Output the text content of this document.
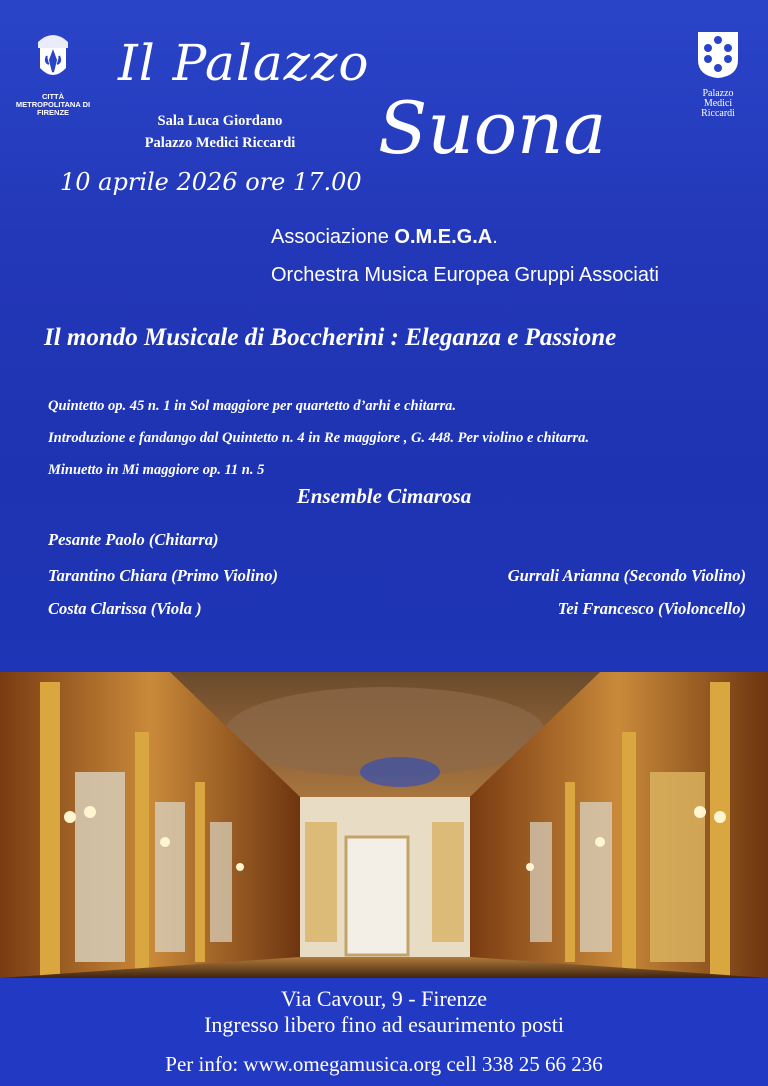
CITTÀ METROPOLITANA DI FIRENZE
Palazzo
Medici
Riccardi
Il Palazzo
Suona
Sala Luca Giordano
Palazzo Medici Riccardi
10 aprile 2026 ore 17.00
Associazione O.M.E.G.A.
Orchestra Musica Europea Gruppi Associati
Il mondo Musicale di Boccherini : Eleganza e Passione
Quintetto op. 45 n. 1 in Sol maggiore per quartetto d’arhi e chitarra.
Introduzione e fandango dal Quintetto n. 4 in Re maggiore , G. 448. Per violino e chitarra.
Minuetto in Mi maggiore op. 11 n. 5
Ensemble Cimarosa
Pesante Paolo (Chitarra)
Tarantino Chiara (Primo Violino)
Costa Clarissa (Viola )
Gurrali Arianna (Secondo Violino)
Tei Francesco (Violoncello)
Via Cavour, 9 - Firenze
Ingresso libero fino ad esaurimento posti
Per info: www.omegamusica.org cell 338 25 66 236
